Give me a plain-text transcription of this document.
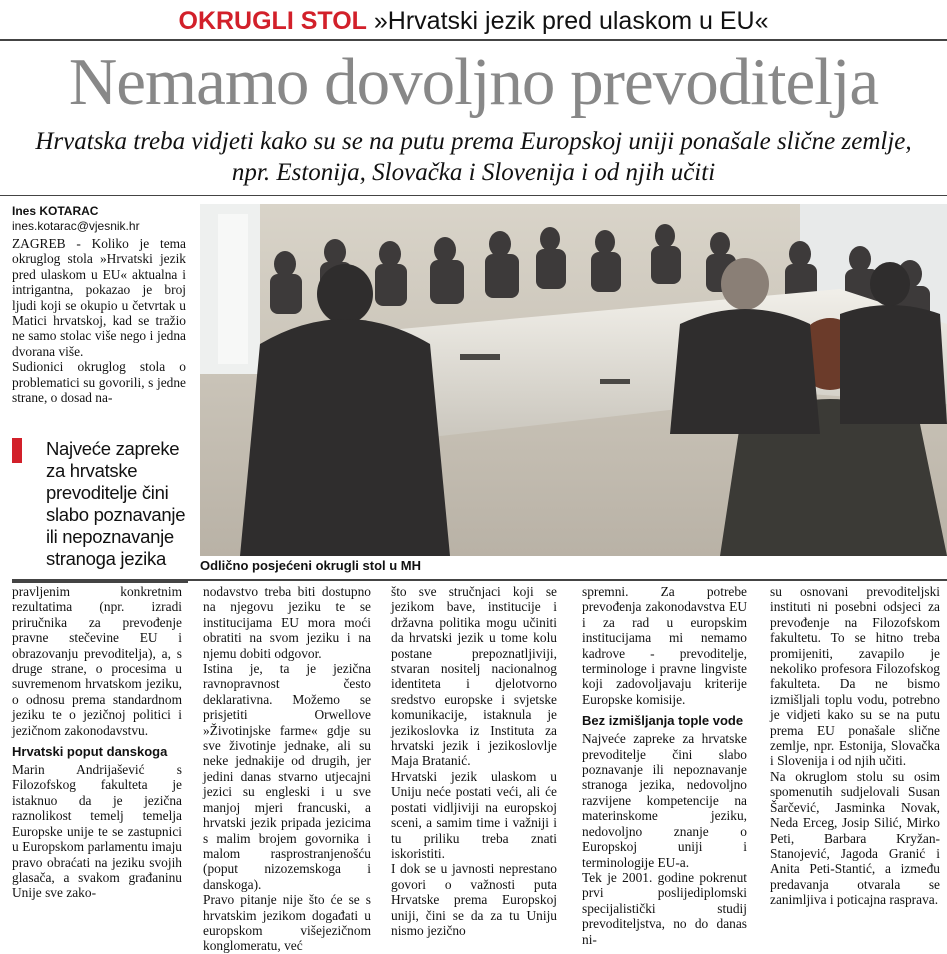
OKRUGLI STOL »Hrvatski jezik pred ulaskom u EU«
Nemamo dovoljno prevoditelja
Hrvatska treba vidjeti kako su se na putu prema Europskoj uniji ponašale slične zemlje, npr. Estonija, Slovačka i Slovenija i od njih učiti
Ines KOTARAC
ines.kotarac@vjesnik.hr

ZAGREB - Koliko je tema okruglog stola »Hrvatski jezik pred ulaskom u EU« aktualna i intrigantna, pokazao je broj ljudi koji se okupio u četvrtak u Matici hrvatskoj, kad se tražio ne samo stolac više nego i jedna dvorana više.

Sudionici okruglog stola o problematici su govorili, s jedne strane, o dosad na-

Najveće zapreke za hrvatske prevoditelje čini slabo poznavanje ili nepoznavanje stranoga jezika	Odlično posjećeni okrugli stol u MH

pravljenim konkretnim rezultatima (npr. izradi priručnika za prevođenje pravne stečevine EU i obrazovanju prevoditelja), a, s druge strane, o procesima u suvremenom hrvatskom jeziku, o odnosu prema standardnom jeziku te o jezičnoj politici i jezičnom zakonodavstvu.

Hrvatski poput danskoga

Marin Andrijašević s Filozofskog fakulteta je istaknuo da je jezična raznolikost temelj temelja Europske unije te se zastupnici u Europskom parlamentu imaju pravo obraćati na jeziku svojih glasača, a svakom građaninu Unije sve zako-

nodavstvo treba biti dostupno na njegovu jeziku te se institucijama EU mora moći obratiti na svom jeziku i na njemu dobiti odgovor.

Istina je, ta je jezična ravnopravnost često deklarativna. Možemo se prisjetiti Orwellove »Životinjske farme« gdje su sve životinje jednake, ali su neke jednakije od drugih, jer jedini danas stvarno utjecajni jezici su engleski i u sve manjoj mjeri francuski, a hrvatski jezik pripada jezicima s malim brojem govornika i malom rasprostranjenošću (poput nizozemskoga i danskoga).

Pravo pitanje nije što će se s hrvatskim jezikom događati u europskom višejezičnom konglomeratu, već

što sve stručnjaci koji se jezikom bave, institucije i državna politika mogu učiniti da hrvatski jezik u tome kolu postane prepoznatljiviji, stvaran nositelj nacionalnog identiteta i djelotvorno sredstvo europske i svjetske komunikacije, istaknula je jezikoslovka iz Instituta za hrvatski jezik i jezikoslovlje Maja Bratanić.

Hrvatski jezik ulaskom u Uniju neće postati veći, ali će postati vidljiviji na europskoj sceni, a samim time i važniji i tu priliku treba znati iskoristiti.

I dok se u javnosti neprestano govori o važnosti puta Hrvatske prema Europskoj uniji, čini se da za tu Uniju nismo jezično

spremni. Za potrebe prevođenja zakonodavstva EU i za rad u europskim institucijama mi nemamo kadrove - prevoditelje, terminologe i pravne lingviste koji zadovoljavaju kriterije Europske komisije.

Bez izmišljanja tople vode

Najveće zapreke za hrvatske prevoditelje čini slabo poznavanje ili nepoznavanje stranoga jezika, nedovoljno razvijene kompetencije na materinskome jeziku, nedovoljno znanje o Europskoj uniji i terminologije EU-a.

Tek je 2001. godine pokrenut prvi poslijediplomski specijalistički studij prevoditeljstva, no do danas ni-

su osnovani prevoditeljski instituti ni posebni odsjeci za prevođenje na Filozofskom fakultetu. To se hitno treba promijeniti, zavapilo je nekoliko profesora Filozofskog fakulteta. Da ne bismo izmišljali toplu vodu, potrebno je vidjeti kako su se na putu prema EU ponašale slične zemlje, npr. Estonija, Slovačka i Slovenija i od njih učiti.

Na okruglom stolu su osim spomenutih sudjelovali Susan Šarčević, Jasminka Novak, Neda Erceg, Josip Silić, Mirko Peti, Barbara Kryžan-Stanojević, Jagoda Granić i Anita Peti-Stantić, a između predavanja otvarala se zanimljiva i poticajna rasprava.
